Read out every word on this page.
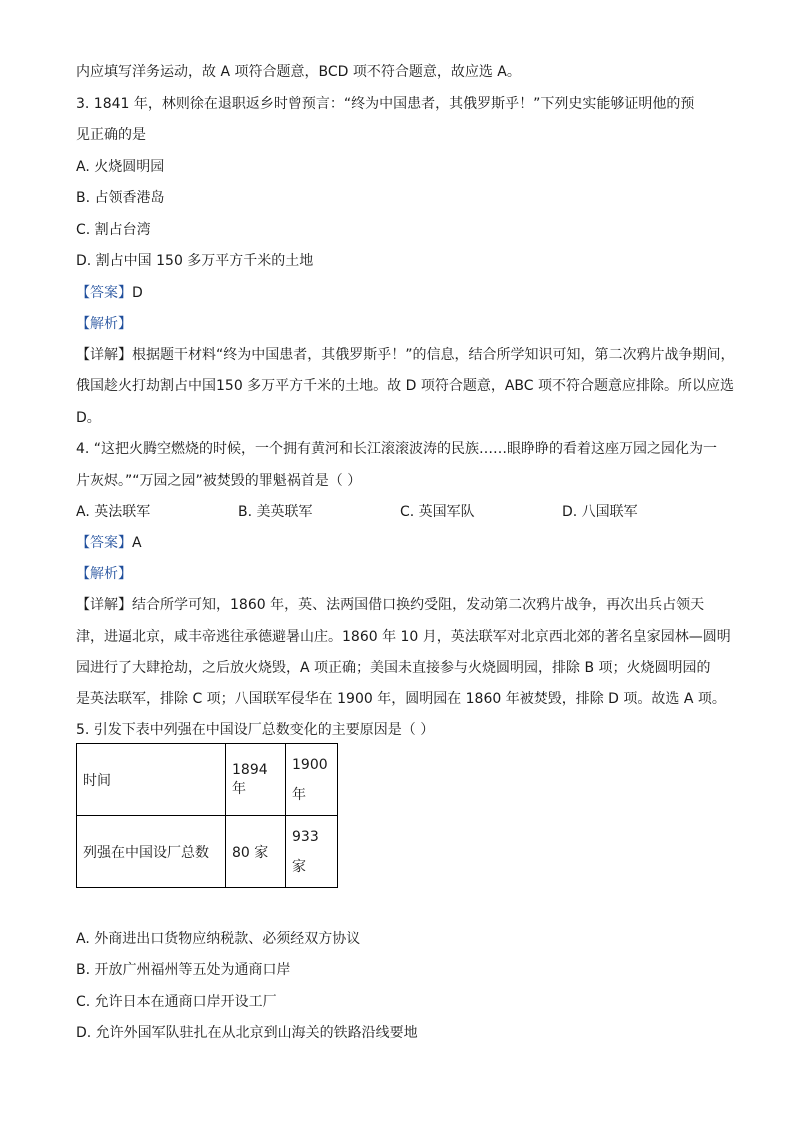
内应填写洋务运动，故 A 项符合题意，BCD 项不符合题意，故应选 A。
3. 1841 年，林则徐在退职返乡时曾预言：“终为中国患者，其俄罗斯乎！”下列史实能够证明他的预
见正确的是
A. 火烧圆明园
B. 占领香港岛
C. 割占台湾
D. 割占中国 150 多万平方千米的土地
【答案】D
【解析】
【详解】根据题干材料“终为中国患者，其俄罗斯乎！”的信息，结合所学知识可知，第二次鸦片战争期间，
俄国趁火打劫割占中国150 多万平方千米的土地。故 D 项符合题意，ABC 项不符合题意应排除。所以应选
D。
4. “这把火腾空燃烧的时候，一个拥有黄河和长江滚滚波涛的民族……眼睁睁的看着这座万园之园化为一
片灰烬。”“万园之园”被焚毁的罪魁祸首是（ ）
A. 英法联军	B. 美英联军	C. 英国军队	D. 八国联军
【答案】A
【解析】
【详解】结合所学可知，1860 年，英、法两国借口换约受阻，发动第二次鸦片战争，再次出兵占领天
津，进逼北京，咸丰帝逃往承德避暑山庄。1860 年 10 月，英法联军对北京西北郊的著名皇家园林—圆明
园进行了大肆抢劫，之后放火烧毁，A 项正确；美国未直接参与火烧圆明园，排除 B 项；火烧圆明园的
是英法联军，排除 C 项；八国联军侵华在 1900 年，圆明园在 1860 年被焚毁，排除 D 项。故选 A 项。
5. 引发下表中列强在中国设厂总数变化的主要原因是（ ）
时间	1894 年	1900
年

列强在中国设厂总数	80 家	933
家
A. 外商进出口货物应纳税款、必须经双方协议
B. 开放广州福州等五处为通商口岸
C. 允许日本在通商口岸开设工厂
D. 允许外国军队驻扎在从北京到山海关的铁路沿线要地
